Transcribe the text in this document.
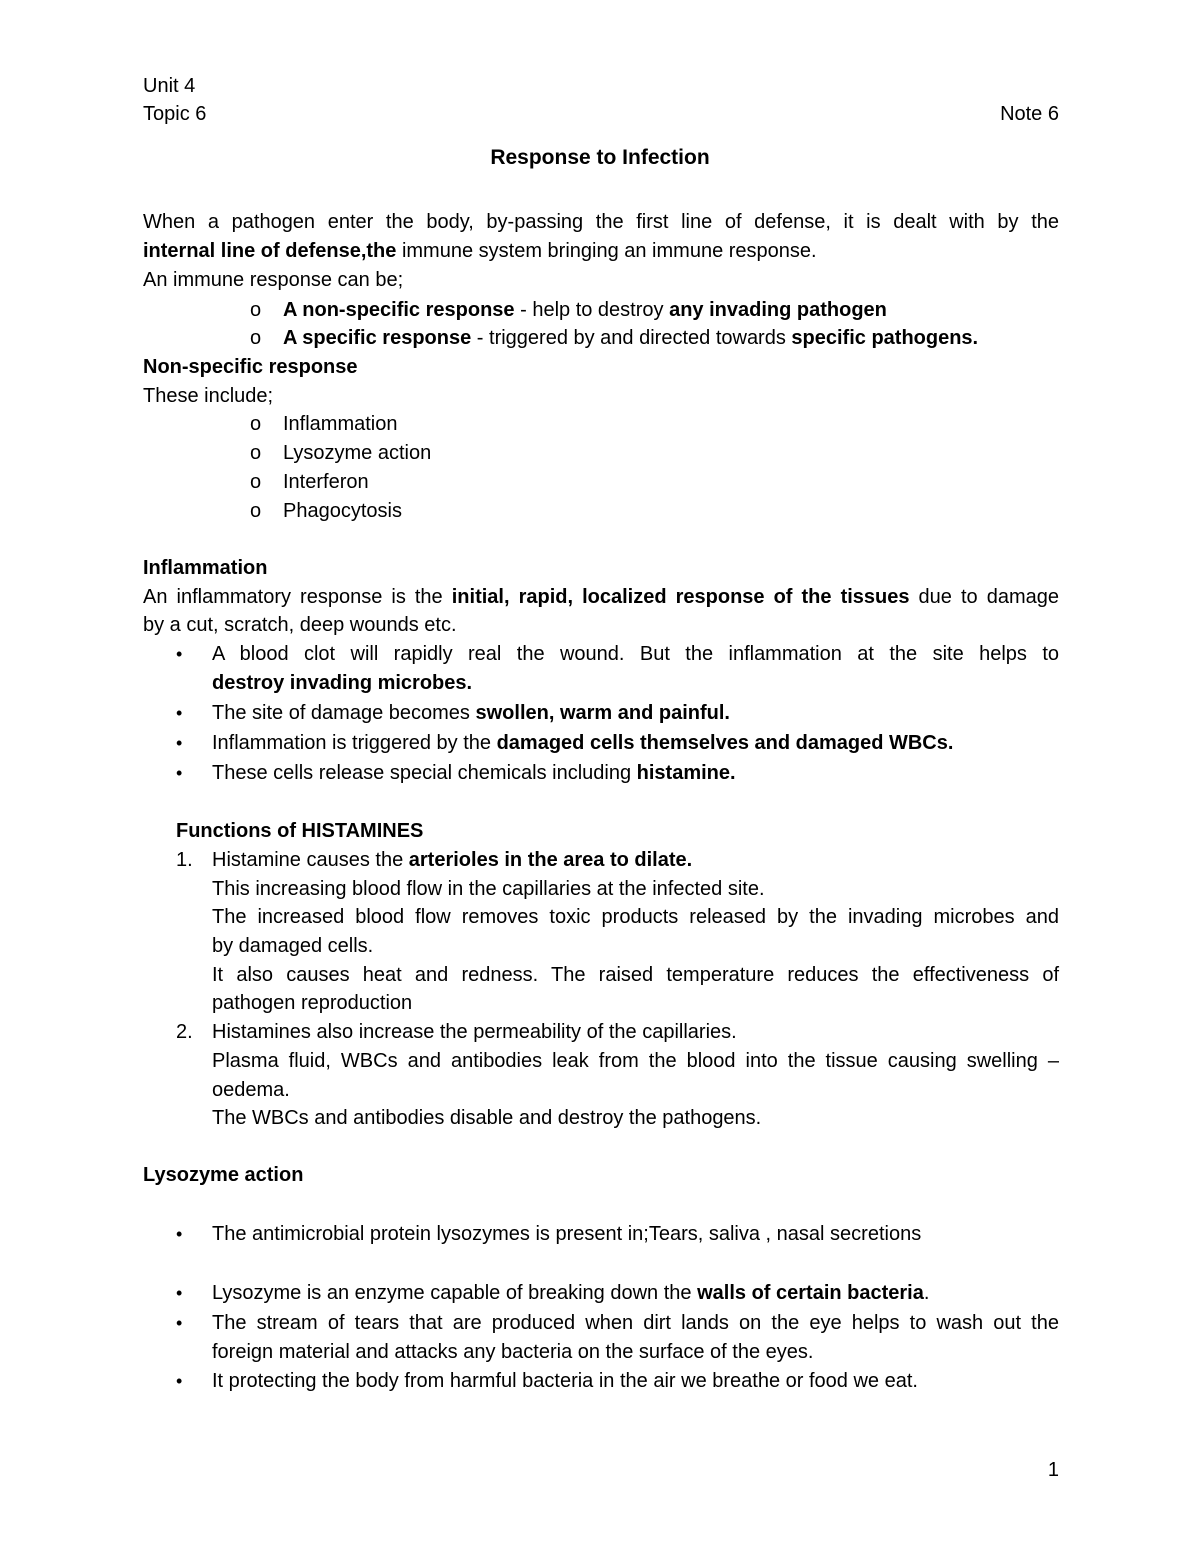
Unit 4
Topic 6	Note 6
Response to Infection
When a pathogen enter the body, by-passing the first line of defense, it is dealt with by the
internal line of defense,the immune system bringing an immune response.
An immune response can be;
o A non-specific response - help to destroy any invading pathogen
o A specific response - triggered by and directed towards specific pathogens.
Non-specific response
These include;
o Inflammation
o Lysozyme action
o Interferon
o Phagocytosis
Inflammation
An inflammatory response is the initial, rapid, localized response of the tissues due to damage
by a cut, scratch, deep wounds etc.
• A blood clot will rapidly real the wound. But the inflammation at the site helps to
destroy invading microbes.
• The site of damage becomes swollen, warm and painful.
• Inflammation is triggered by the damaged cells themselves and damaged WBCs.
• These cells release special chemicals including histamine.
Functions of HISTAMINES
1. Histamine causes the arterioles in the area to dilate.
This increasing blood flow in the capillaries at the infected site.
The increased blood flow removes toxic products released by the invading microbes and
by damaged cells.
It also causes heat and redness. The raised temperature reduces the effectiveness of
pathogen reproduction
2. Histamines also increase the permeability of the capillaries.
Plasma fluid, WBCs and antibodies leak from the blood into the tissue causing swelling –
oedema.
The WBCs and antibodies disable and destroy the pathogens.
Lysozyme action
• The antimicrobial protein lysozymes is present in;Tears, saliva , nasal secretions
• Lysozyme is an enzyme capable of breaking down the walls of certain bacteria.
• The stream of tears that are produced when dirt lands on the eye helps to wash out the
foreign material and attacks any bacteria on the surface of the eyes.
• It protecting the body from harmful bacteria in the air we breathe or food we eat.
1
